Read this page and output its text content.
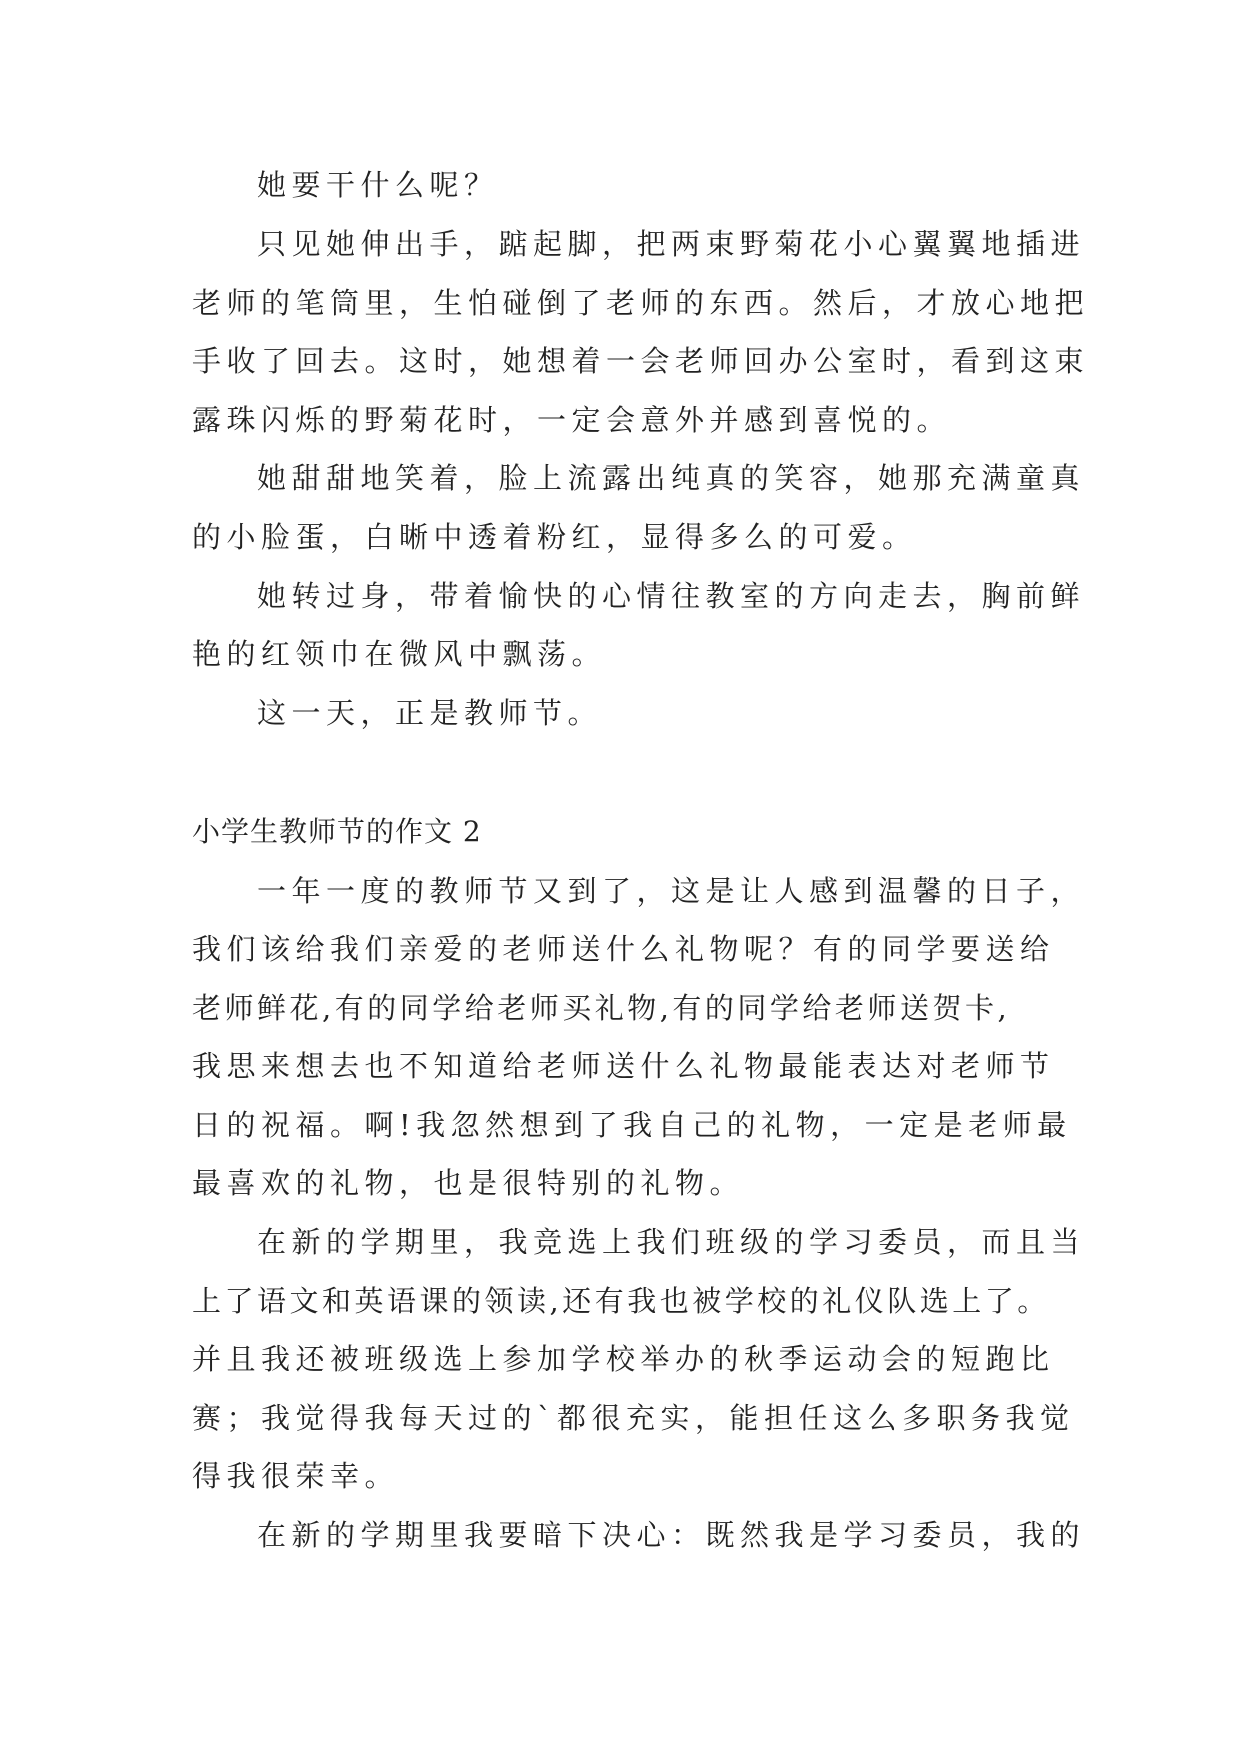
她要干什么呢？
只见她伸出手，踮起脚，把两束野菊花小心翼翼地插进
老师的笔筒里，生怕碰倒了老师的东西。然后，才放心地把
手收了回去。这时，她想着一会老师回办公室时，看到这束
露珠闪烁的野菊花时，一定会意外并感到喜悦的。
她甜甜地笑着，脸上流露出纯真的笑容，她那充满童真
的小脸蛋，白晰中透着粉红，显得多么的可爱。
她转过身，带着愉快的心情往教室的方向走去，胸前鲜
艳的红领巾在微风中飘荡。
这一天，正是教师节。
小学生教师节的作文 2
一年一度的教师节又到了，这是让人感到温馨的日子，
我们该给我们亲爱的老师送什么礼物呢？有的同学要送给
老师鲜花,有的同学给老师买礼物,有的同学给老师送贺卡,
我思来想去也不知道给老师送什么礼物最能表达对老师节
日的祝福。啊!我忽然想到了我自己的礼物，一定是老师最
最喜欢的礼物，也是很特别的礼物。
在新的学期里，我竞选上我们班级的学习委员，而且当
上了语文和英语课的领读,还有我也被学校的礼仪队选上了。
并且我还被班级选上参加学校举办的秋季运动会的短跑比
赛；我觉得我每天过的`都很充实，能担任这么多职务我觉
得我很荣幸。
在新的学期里我要暗下决心：既然我是学习委员，我的
